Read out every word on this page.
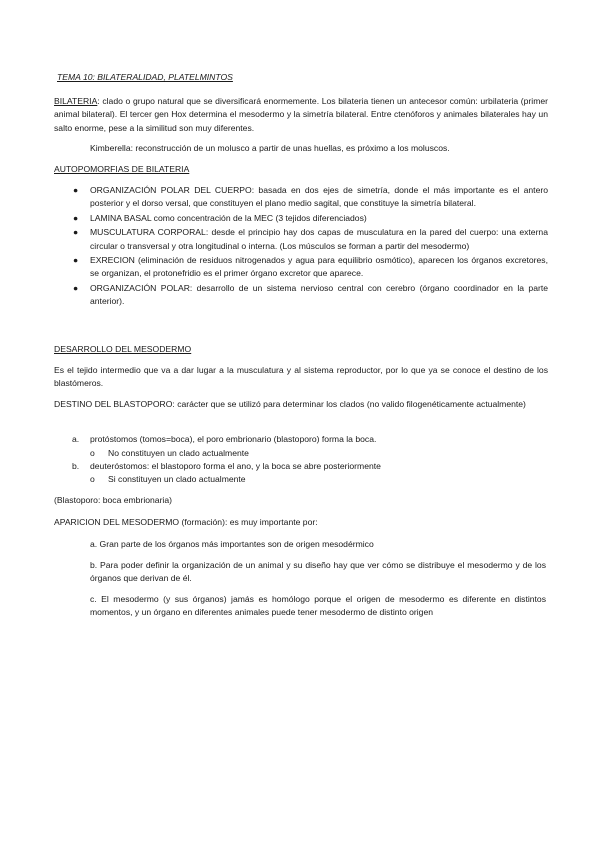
TEMA 10: BILATERALIDAD, PLATELMINTOS
BILATERIA: clado o grupo natural que se diversificará enormemente. Los bilateria tienen un antecesor común: urbilateria (primer animal bilateral). El tercer gen Hox determina el mesodermo y la simetría bilateral. Entre ctenóforos y animales bilaterales hay un salto enorme, pese a la similitud son muy diferentes.
Kimberella: reconstrucción de un molusco a partir de unas huellas, es próximo a los moluscos.
AUTOPOMORFIAS DE BILATERIA
● ORGANIZACIÓN POLAR DEL CUERPO: basada en dos ejes de simetría, donde el más importante es el antero posterior y el dorso versal, que constituyen el plano medio sagital, que constituye la simetría bilateral.
● LAMINA BASAL como concentración de la MEC (3 tejidos diferenciados)
● MUSCULATURA CORPORAL: desde el principio hay dos capas de musculatura en la pared del cuerpo: una externa circular o transversal y otra longitudinal o interna. (Los músculos se forman a partir del mesodermo)
● EXRECION (eliminación de residuos nitrogenados y agua para equilibrio osmótico), aparecen los órganos excretores, se organizan, el protonefridio es el primer órgano excretor que aparece.
● ORGANIZACIÓN POLAR: desarrollo de un sistema nervioso central con cerebro (órgano coordinador en la parte anterior).
DESARROLLO DEL MESODERMO
Es el tejido intermedio que va a dar lugar a la musculatura y al sistema reproductor, por lo que ya se conoce el destino de los blastómeros.
DESTINO DEL BLASTOPORO: carácter que se utilizó para determinar los clados (no valido filogenéticamente actualmente)
a. protóstomos (tomos=boca), el poro embrionario (blastoporo) forma la boca.
o No constituyen un clado actualmente
b. deuteróstomos: el blastoporo forma el ano, y la boca se abre posteriormente
o Si constituyen un clado actualmente
(Blastoporo: boca embrionaria)
APARICION DEL MESODERMO (formación): es muy importante por:
a. Gran parte de los órganos más importantes son de origen mesodérmico
b. Para poder definir la organización de un animal y su diseño hay que ver cómo se distribuye el mesodermo y de los órganos que derivan de él.
c. El mesodermo (y sus órganos) jamás es homólogo porque el origen de mesodermo es diferente en distintos momentos, y un órgano en diferentes animales puede tener mesodermo de distinto origen
